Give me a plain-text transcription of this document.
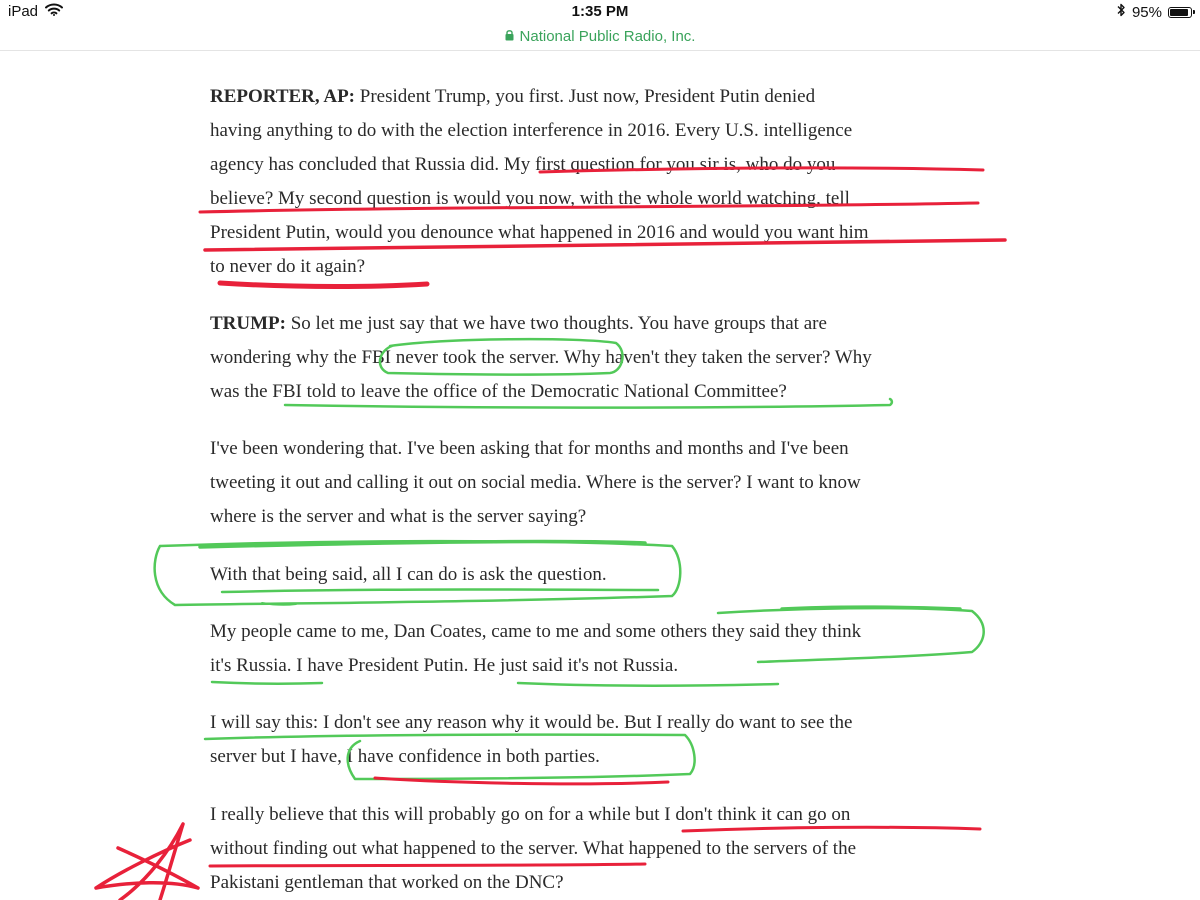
iPad	1:35 PM	95%
National Public Radio, Inc.
REPORTER, AP: President Trump, you first. Just now, President Putin denied
having anything to do with the election interference in 2016. Every U.S. intelligence
agency has concluded that Russia did. My first question for you sir is, who do you
believe? My second question is would you now, with the whole world watching, tell
President Putin, would you denounce what happened in 2016 and would you want him
to never do it again?
TRUMP: So let me just say that we have two thoughts. You have groups that are
wondering why the FBI never took the server. Why haven't they taken the server? Why
was the FBI told to leave the office of the Democratic National Committee?
I've been wondering that. I've been asking that for months and months and I've been
tweeting it out and calling it out on social media. Where is the server? I want to know
where is the server and what is the server saying?
With that being said, all I can do is ask the question.
My people came to me, Dan Coates, came to me and some others they said they think
it's Russia. I have President Putin. He just said it's not Russia.
I will say this: I don't see any reason why it would be. But I really do want to see the
server but I have, I have confidence in both parties.
I really believe that this will probably go on for a while but I don't think it can go on
without finding out what happened to the server. What happened to the servers of the
Pakistani gentleman that worked on the DNC?
